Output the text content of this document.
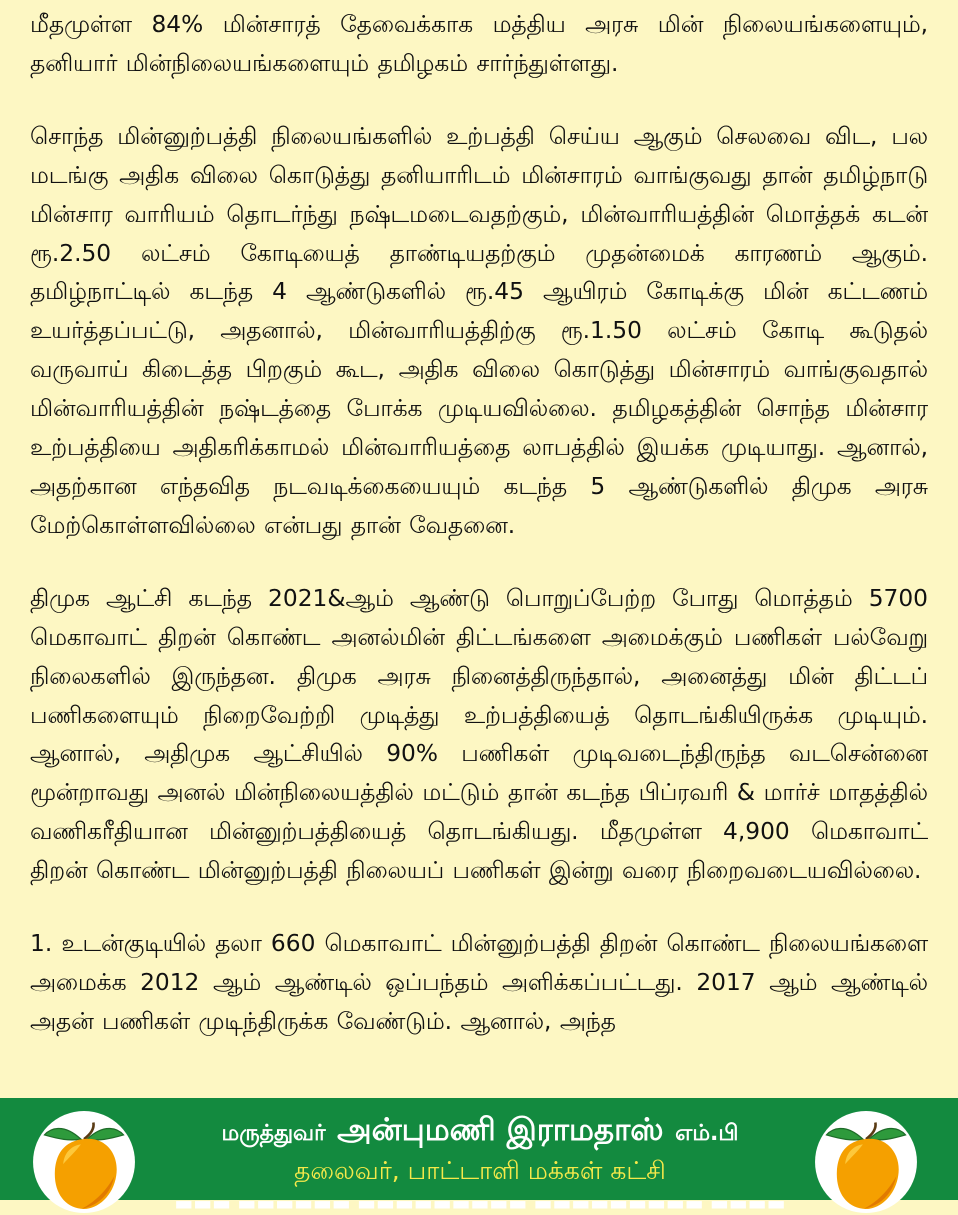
மீதமுள்ள 84% மின்சாரத் தேவைக்காக மத்திய அரசு மின் நிலையங்களையும், தனியார் மின்நிலையங்களையும் தமிழகம் சார்ந்துள்ளது.

சொந்த மின்னுற்பத்தி நிலையங்களில் உற்பத்தி செய்ய ஆகும் செலவை விட, பல மடங்கு அதிக விலை கொடுத்து தனியாரிடம் மின்சாரம் வாங்குவது தான் தமிழ்நாடு மின்சார வாரியம் தொடர்ந்து நஷ்டமடைவதற்கும், மின்வாரியத்தின் மொத்தக் கடன் ரூ.2.50 லட்சம் கோடியைத் தாண்டியதற்கும் முதன்மைக் காரணம் ஆகும். தமிழ்நாட்டில் கடந்த 4 ஆண்டுகளில் ரூ.45 ஆயிரம் கோடிக்கு மின் கட்டணம் உயர்த்தப்பட்டு, அதனால், மின்வாரியத்திற்கு ரூ.1.50 லட்சம் கோடி கூடுதல் வருவாய் கிடைத்த பிறகும் கூட, அதிக விலை கொடுத்து மின்சாரம் வாங்குவதால் மின்வாரியத்தின் நஷ்டத்தை போக்க முடியவில்லை. தமிழகத்தின் சொந்த மின்சார உற்பத்தியை அதிகரிக்காமல் மின்வாரியத்தை லாபத்தில் இயக்க முடியாது. ஆனால், அதற்கான எந்தவித நடவடிக்கையையும் கடந்த 5 ஆண்டுகளில் திமுக அரசு மேற்கொள்ளவில்லை என்பது தான் வேதனை.

திமுக ஆட்சி கடந்த 2021&ஆம் ஆண்டு பொறுப்பேற்ற போது மொத்தம் 5700 மெகாவாட் திறன் கொண்ட அனல்மின் திட்டங்களை அமைக்கும் பணிகள் பல்வேறு நிலைகளில் இருந்தன. திமுக அரசு நினைத்திருந்தால், அனைத்து மின் திட்டப் பணிகளையும் நிறைவேற்றி முடித்து உற்பத்தியைத் தொடங்கியிருக்க முடியும். ஆனால், அதிமுக ஆட்சியில் 90% பணிகள் முடிவடைந்திருந்த வடசென்னை மூன்றாவது அனல் மின்நிலையத்தில் மட்டும் தான் கடந்த பிப்ரவரி & மார்ச் மாதத்தில் வணிகரீதியான மின்னுற்பத்தியைத் தொடங்கியது. மீதமுள்ள 4,900 மெகாவாட் திறன் கொண்ட மின்னுற்பத்தி நிலையப் பணிகள் இன்று வரை நிறைவடையவில்லை.

1. உடன்குடியில் தலா 660 மெகாவாட் மின்னுற்பத்தி திறன் கொண்ட நிலையங்களை அமைக்க 2012 ஆம் ஆண்டில் ஒப்பந்தம் அளிக்கப்பட்டது. 2017 ஆம் ஆண்டில் அதன் பணிகள் முடிந்திருக்க வேண்டும். ஆனால், அந்த

மருத்துவர் அன்புமணி இராமதாஸ் எம்.பி
தலைவர், பாட்டாளி மக்கள் கட்சி
▬▬▬ ▬▬▬▬▬▬ ▬▬▬▬▬▬▬▬▬ ▬▬▬▬▬▬▬▬▬ ▬▬▬▬
